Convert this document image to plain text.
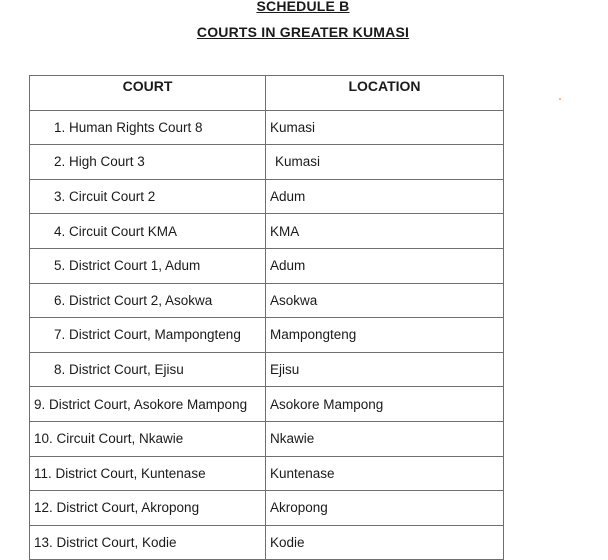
SCHEDULE B
COURTS IN GREATER KUMASI
COURT	LOCATION
1. Human Rights Court 8	Kumasi
2. High Court 3	Kumasi
3. Circuit Court 2	Adum
4. Circuit Court KMA	KMA
5. District Court 1, Adum	Adum
6. District Court 2, Asokwa	Asokwa
7. District Court, Mampongteng	Mampongteng
8. District Court, Ejisu	Ejisu
9. District Court, Asokore Mampong	Asokore Mampong
10. Circuit Court, Nkawie	Nkawie
11. District Court, Kuntenase	Kuntenase
12. District Court, Akropong	Akropong
13. District Court, Kodie	Kodie
